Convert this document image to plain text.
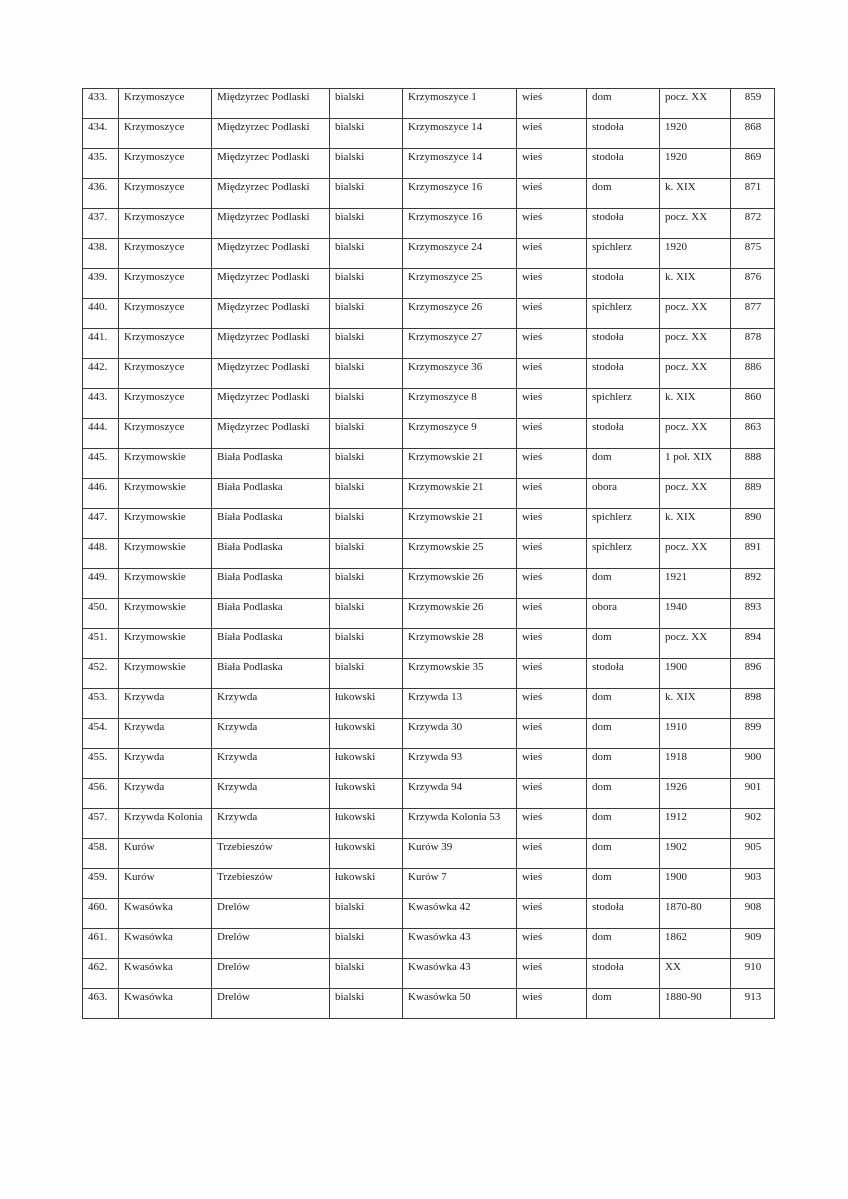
433.	Krzymoszyce	Międzyrzec Podlaski	bialski	Krzymoszyce 1	wieś	dom	pocz. XX	859
434.	Krzymoszyce	Międzyrzec Podlaski	bialski	Krzymoszyce 14	wieś	stodoła	1920	868
435.	Krzymoszyce	Międzyrzec Podlaski	bialski	Krzymoszyce 14	wieś	stodoła	1920	869
436.	Krzymoszyce	Międzyrzec Podlaski	bialski	Krzymoszyce 16	wieś	dom	k. XIX	871
437.	Krzymoszyce	Międzyrzec Podlaski	bialski	Krzymoszyce 16	wieś	stodoła	pocz. XX	872
438.	Krzymoszyce	Międzyrzec Podlaski	bialski	Krzymoszyce 24	wieś	spichlerz	1920	875
439.	Krzymoszyce	Międzyrzec Podlaski	bialski	Krzymoszyce 25	wieś	stodoła	k. XIX	876
440.	Krzymoszyce	Międzyrzec Podlaski	bialski	Krzymoszyce 26	wieś	spichlerz	pocz. XX	877
441.	Krzymoszyce	Międzyrzec Podlaski	bialski	Krzymoszyce 27	wieś	stodoła	pocz. XX	878
442.	Krzymoszyce	Międzyrzec Podlaski	bialski	Krzymoszyce 36	wieś	stodoła	pocz. XX	886
443.	Krzymoszyce	Międzyrzec Podlaski	bialski	Krzymoszyce 8	wieś	spichlerz	k. XIX	860
444.	Krzymoszyce	Międzyrzec Podlaski	bialski	Krzymoszyce 9	wieś	stodoła	pocz. XX	863
445.	Krzymowskie	Biała Podlaska	bialski	Krzymowskie 21	wieś	dom	1 poł. XIX	888
446.	Krzymowskie	Biała Podlaska	bialski	Krzymowskie 21	wieś	obora	pocz. XX	889
447.	Krzymowskie	Biała Podlaska	bialski	Krzymowskie 21	wieś	spichlerz	k. XIX	890
448.	Krzymowskie	Biała Podlaska	bialski	Krzymowskie 25	wieś	spichlerz	pocz. XX	891
449.	Krzymowskie	Biała Podlaska	bialski	Krzymowskie 26	wieś	dom	1921	892
450.	Krzymowskie	Biała Podlaska	bialski	Krzymowskie 26	wieś	obora	1940	893
451.	Krzymowskie	Biała Podlaska	bialski	Krzymowskie 28	wieś	dom	pocz. XX	894
452.	Krzymowskie	Biała Podlaska	bialski	Krzymowskie 35	wieś	stodoła	1900	896
453.	Krzywda	Krzywda	łukowski	Krzywda 13	wieś	dom	k. XIX	898
454.	Krzywda	Krzywda	łukowski	Krzywda 30	wieś	dom	1910	899
455.	Krzywda	Krzywda	łukowski	Krzywda 93	wieś	dom	1918	900
456.	Krzywda	Krzywda	łukowski	Krzywda 94	wieś	dom	1926	901
457.	Krzywda Kolonia	Krzywda	łukowski	Krzywda Kolonia 53	wieś	dom	1912	902
458.	Kurów	Trzebieszów	łukowski	Kurów 39	wieś	dom	1902	905
459.	Kurów	Trzebieszów	łukowski	Kurów 7	wieś	dom	1900	903
460.	Kwasówka	Drelów	bialski	Kwasówka 42	wieś	stodoła	1870-80	908
461.	Kwasówka	Drelów	bialski	Kwasówka 43	wieś	dom	1862	909
462.	Kwasówka	Drelów	bialski	Kwasówka 43	wieś	stodoła	XX	910
463.	Kwasówka	Drelów	bialski	Kwasówka 50	wieś	dom	1880-90	913
